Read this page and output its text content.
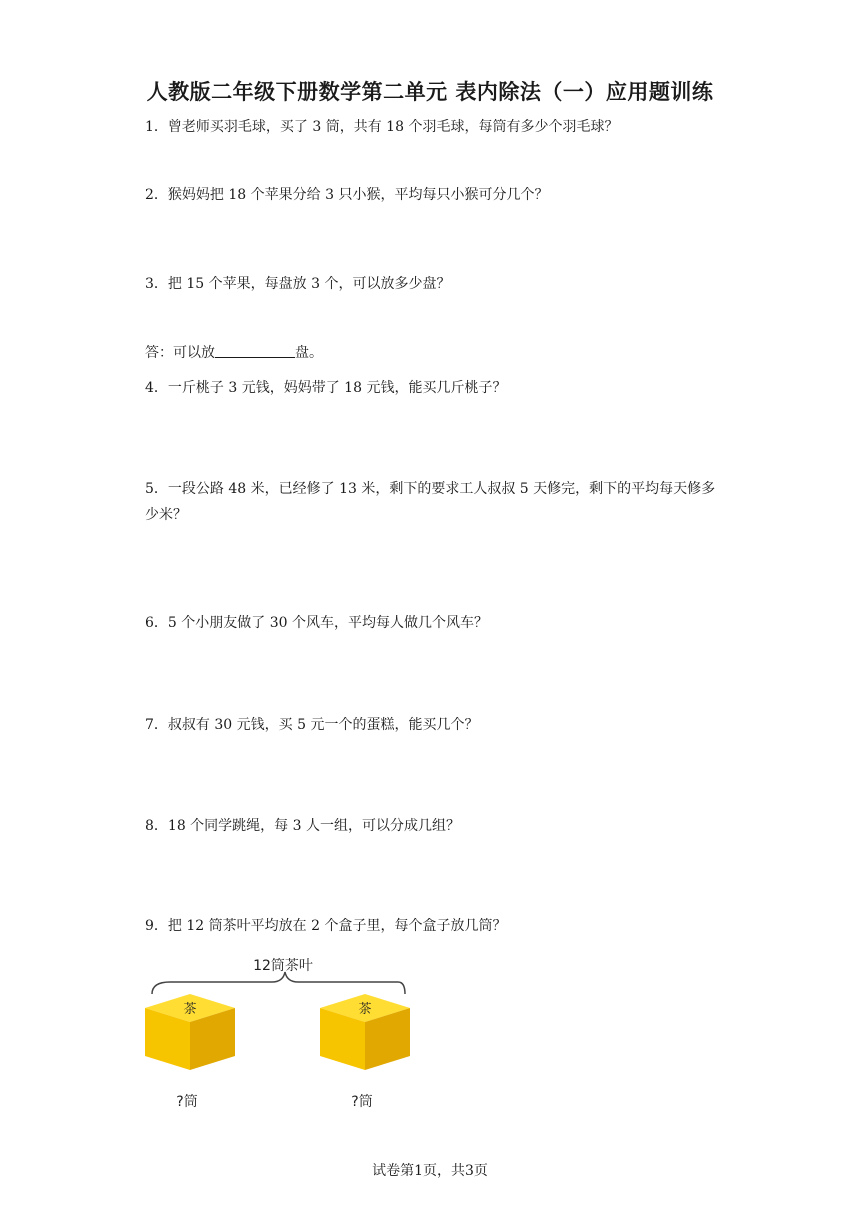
人教版二年级下册数学第二单元 表内除法（一）应用题训练
1．曾老师买羽毛球，买了 3 筒，共有 18 个羽毛球，每筒有多少个羽毛球？
2．猴妈妈把 18 个苹果分给 3 只小猴，平均每只小猴可分几个？
3．把 15 个苹果，每盘放 3 个，可以放多少盘？
答：可以放	盘。
4．一斤桃子 3 元钱，妈妈带了 18 元钱，能买几斤桃子？
5．一段公路 48 米，已经修了 13 米，剩下的要求工人叔叔 5 天修完，剩下的平均每天修多少米？
6．5 个小朋友做了 30 个风车，平均每人做几个风车？
7．叔叔有 30 元钱，买 5 元一个的蛋糕，能买几个？
8．18 个同学跳绳，每 3 人一组，可以分成几组？
9．把 12 筒茶叶平均放在 2 个盒子里，每个盒子放几筒？
12筒茶叶
茶
?筒
茶
?筒
试卷第1页，共3页
